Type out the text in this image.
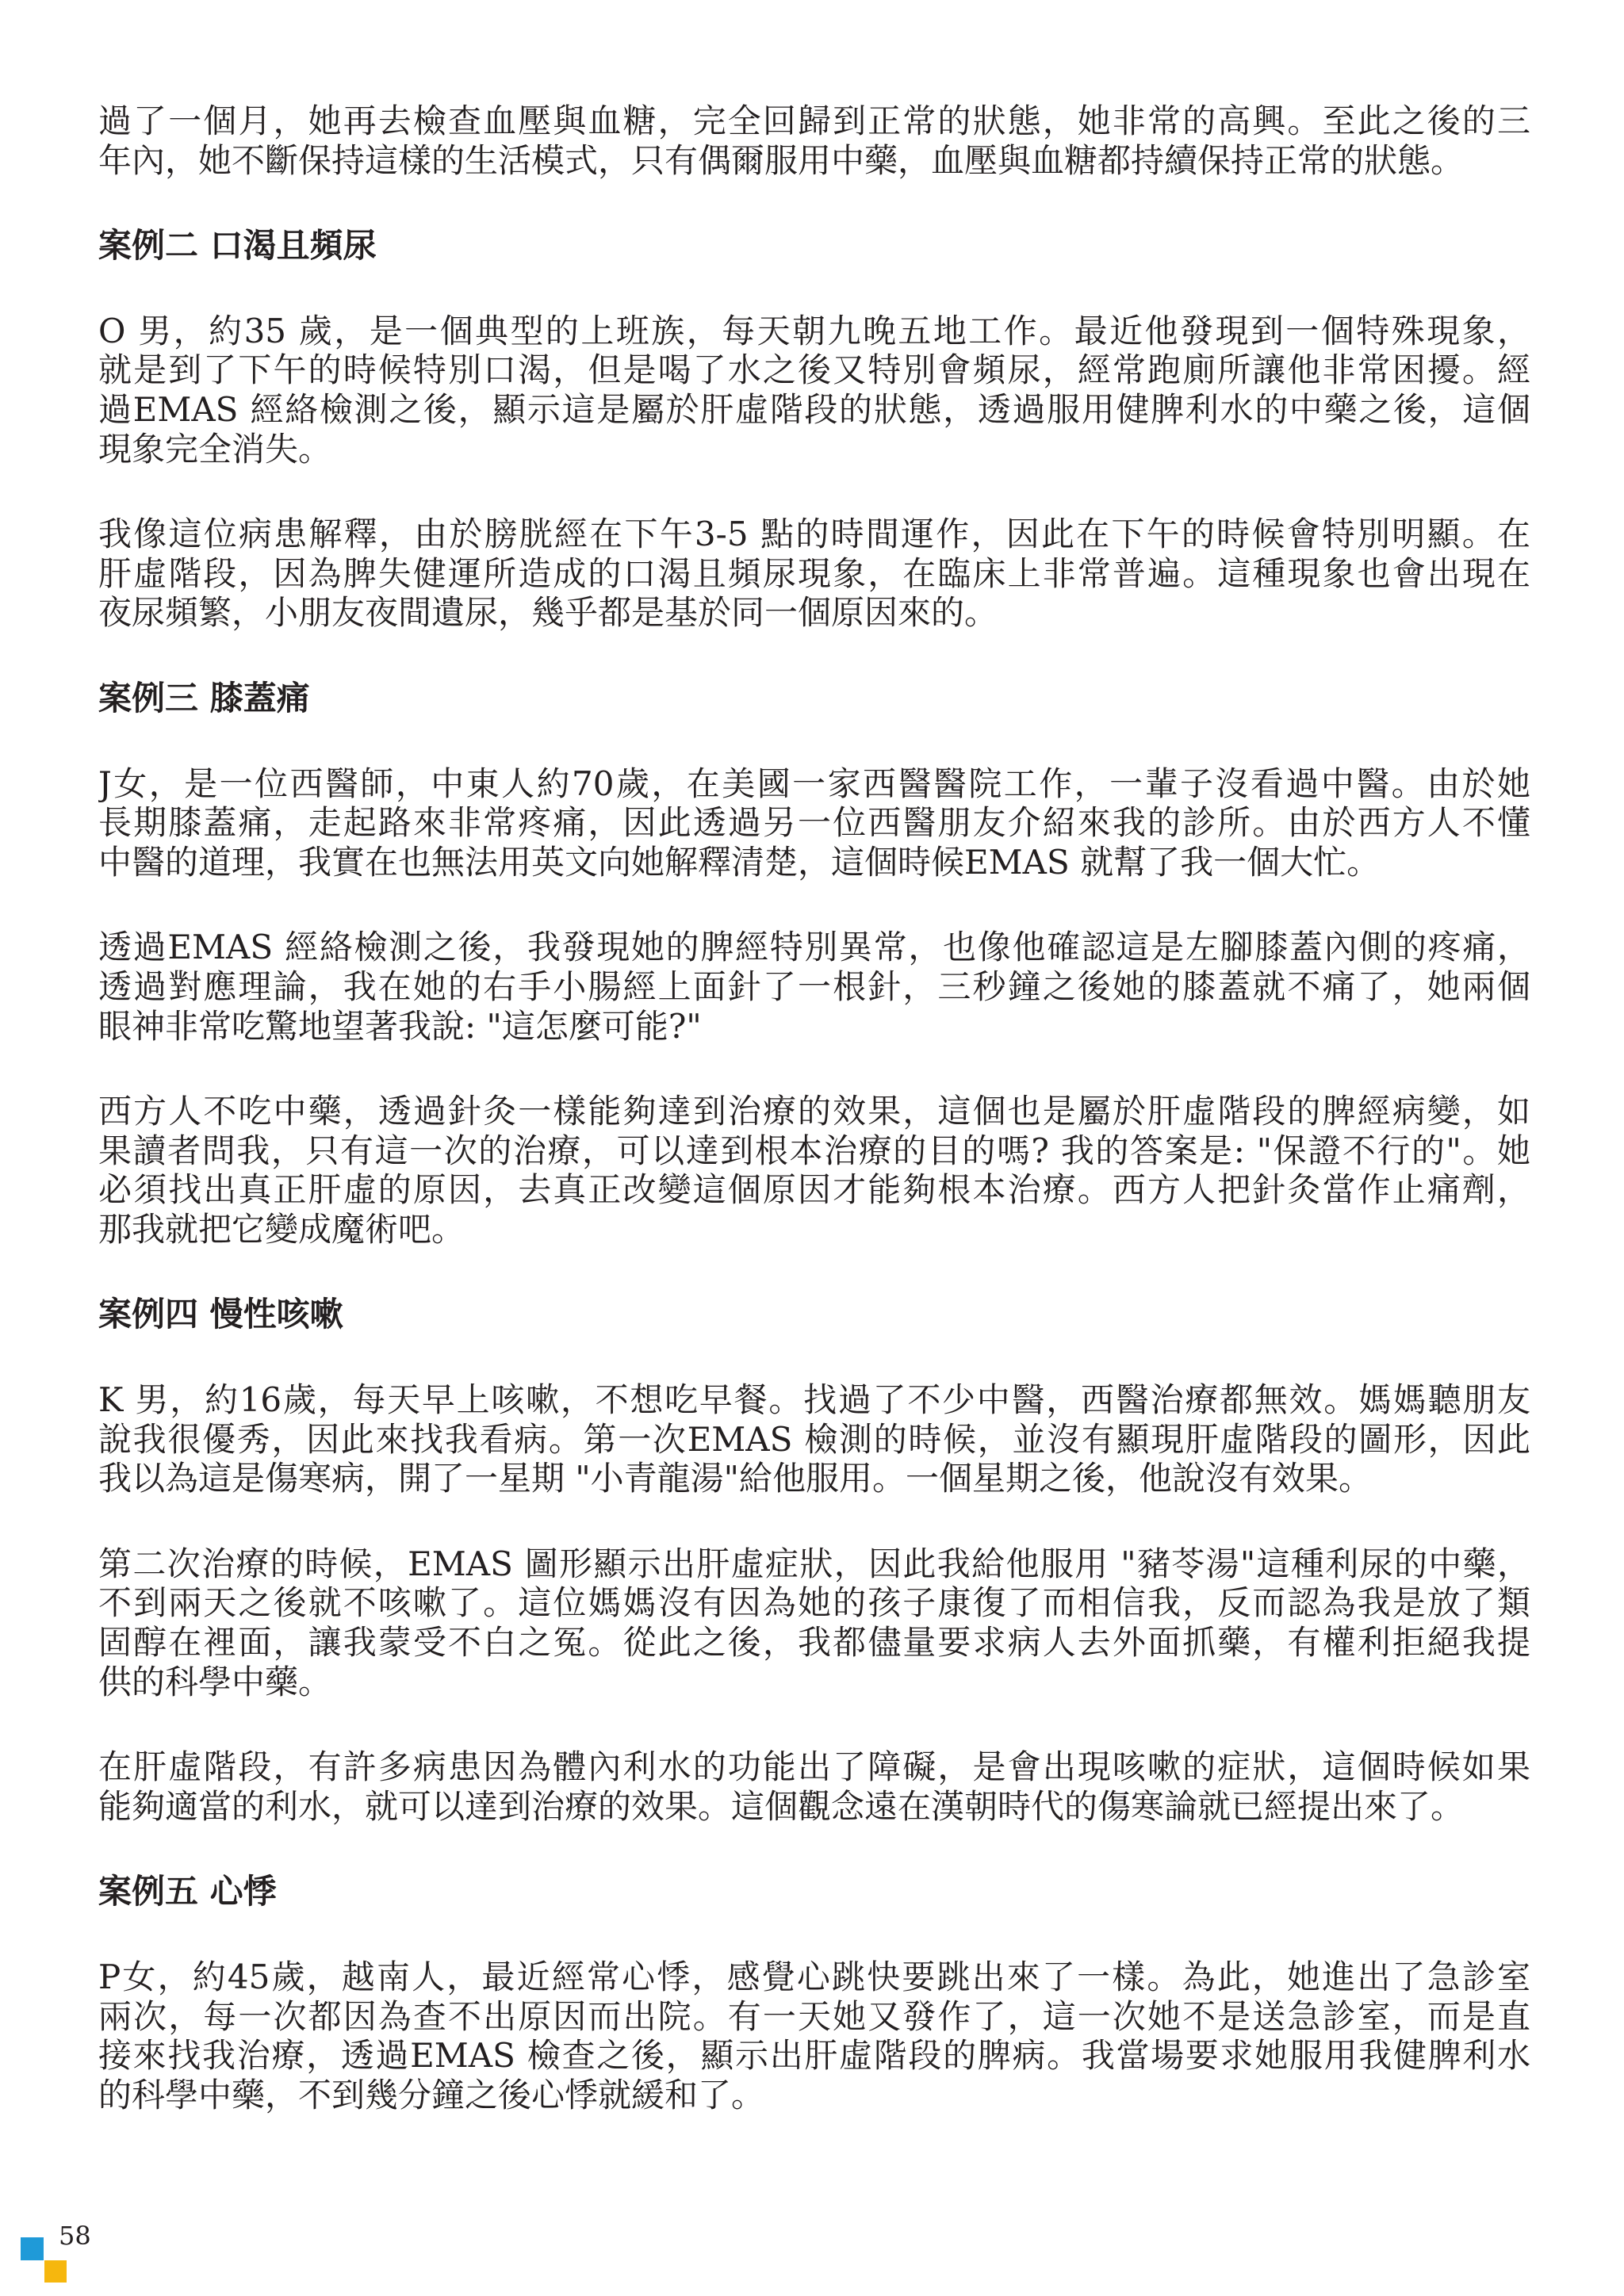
過了一個月，她再去檢查血壓與血糖，完全回歸到正常的狀態，她非常的高興。至此之後的三
年內，她不斷保持這樣的生活模式，只有偶爾服用中藥，血壓與血糖都持續保持正常的狀態。

案例二 口渴且頻尿

O 男，約35 歲，是一個典型的上班族，每天朝九晚五地工作。最近他發現到一個特殊現象，
就是到了下午的時候特別口渴，但是喝了水之後又特別會頻尿，經常跑廁所讓他非常困擾。經
過EMAS 經絡檢測之後，顯示這是屬於肝虛階段的狀態，透過服用健脾利水的中藥之後，這個
現象完全消失。

我像這位病患解釋，由於膀胱經在下午3-5 點的時間運作，因此在下午的時候會特別明顯。在
肝虛階段，因為脾失健運所造成的口渴且頻尿現象，在臨床上非常普遍。這種現象也會出現在
夜尿頻繁，小朋友夜間遺尿，幾乎都是基於同一個原因來的。

案例三 膝蓋痛

J女，是一位西醫師，中東人約70歲，在美國一家西醫醫院工作，一輩子沒看過中醫。由於她
長期膝蓋痛，走起路來非常疼痛，因此透過另一位西醫朋友介紹來我的診所。由於西方人不懂
中醫的道理，我實在也無法用英文向她解釋清楚，這個時候EMAS 就幫了我一個大忙。

透過EMAS 經絡檢測之後，我發現她的脾經特別異常，也像他確認這是左腳膝蓋內側的疼痛，
透過對應理論，我在她的右手小腸經上面針了一根針，三秒鐘之後她的膝蓋就不痛了，她兩個
眼神非常吃驚地望著我說: "這怎麼可能?"

西方人不吃中藥，透過針灸一樣能夠達到治療的效果，這個也是屬於肝虛階段的脾經病變，如
果讀者問我，只有這一次的治療，可以達到根本治療的目的嗎? 我的答案是: "保證不行的"。她
必須找出真正肝虛的原因，去真正改變這個原因才能夠根本治療。西方人把針灸當作止痛劑，
那我就把它變成魔術吧。

案例四 慢性咳嗽

K 男，約16歲，每天早上咳嗽，不想吃早餐。找過了不少中醫，西醫治療都無效。媽媽聽朋友
說我很優秀，因此來找我看病。第一次EMAS 檢測的時候，並沒有顯現肝虛階段的圖形，因此
我以為這是傷寒病，開了一星期 "小青龍湯"給他服用。一個星期之後，他說沒有效果。

第二次治療的時候，EMAS 圖形顯示出肝虛症狀，因此我給他服用 "豬苓湯"這種利尿的中藥，
不到兩天之後就不咳嗽了。這位媽媽沒有因為她的孩子康復了而相信我，反而認為我是放了類
固醇在裡面，讓我蒙受不白之冤。從此之後，我都儘量要求病人去外面抓藥，有權利拒絕我提
供的科學中藥。

在肝虛階段，有許多病患因為體內利水的功能出了障礙，是會出現咳嗽的症狀，這個時候如果
能夠適當的利水，就可以達到治療的效果。這個觀念遠在漢朝時代的傷寒論就已經提出來了。

案例五 心悸

P女，約45歲，越南人，最近經常心悸，感覺心跳快要跳出來了一樣。為此，她進出了急診室
兩次，每一次都因為查不出原因而出院。有一天她又發作了，這一次她不是送急診室，而是直
接來找我治療，透過EMAS 檢查之後，顯示出肝虛階段的脾病。我當場要求她服用我健脾利水
的科學中藥，不到幾分鐘之後心悸就緩和了。

58
